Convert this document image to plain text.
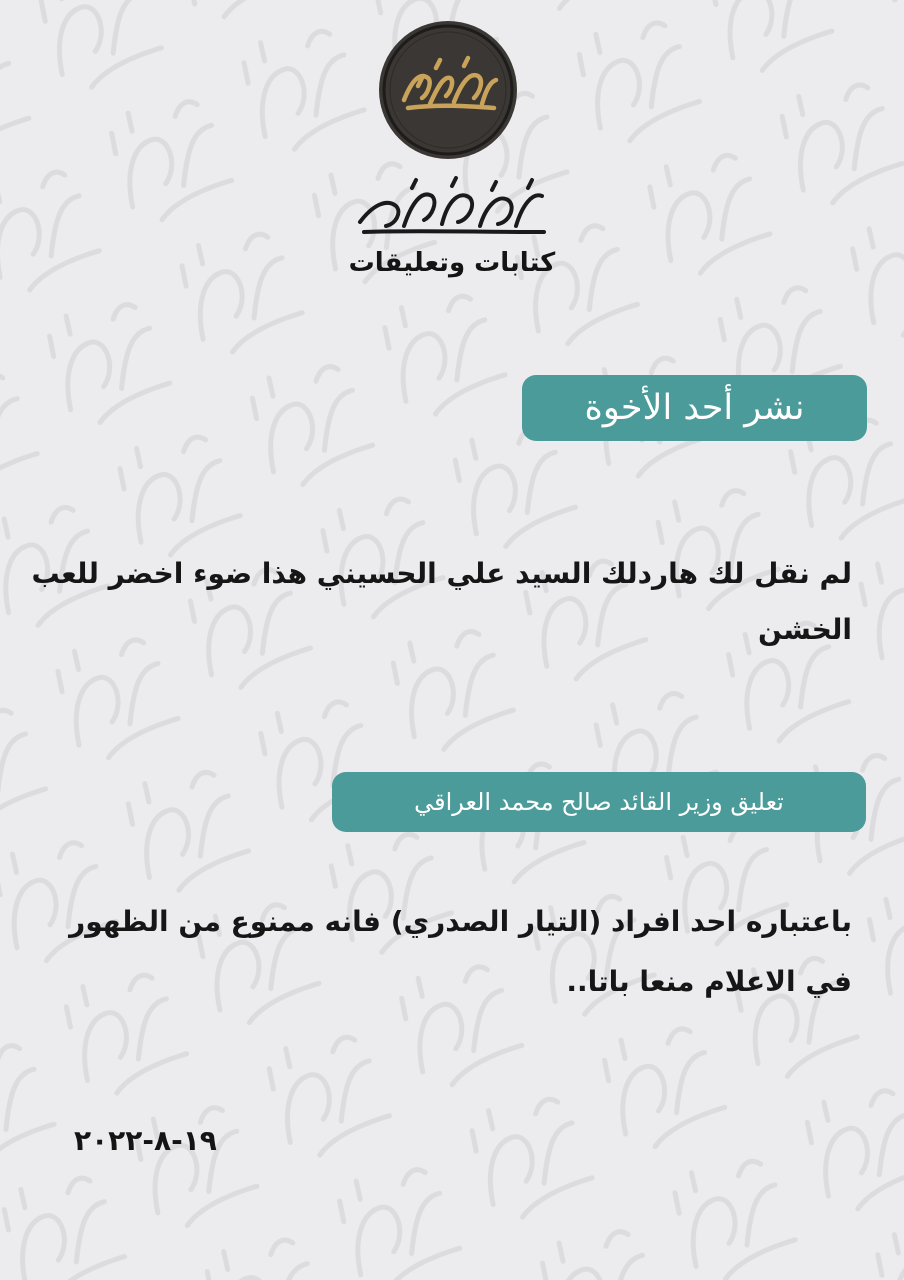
كتابات وتعليقات
نشر أحد الأخوة
لم نقل لك هاردلك السيد علي الحسيني هذا ضوء اخضر للعب الخشن
تعليق وزير القائد صالح محمد العراقي
باعتباره احد افراد (التيار الصدري) فانه ممنوع من الظهور في الاعلام منعا باتا..
١٩-٨-٢٠٢٢
